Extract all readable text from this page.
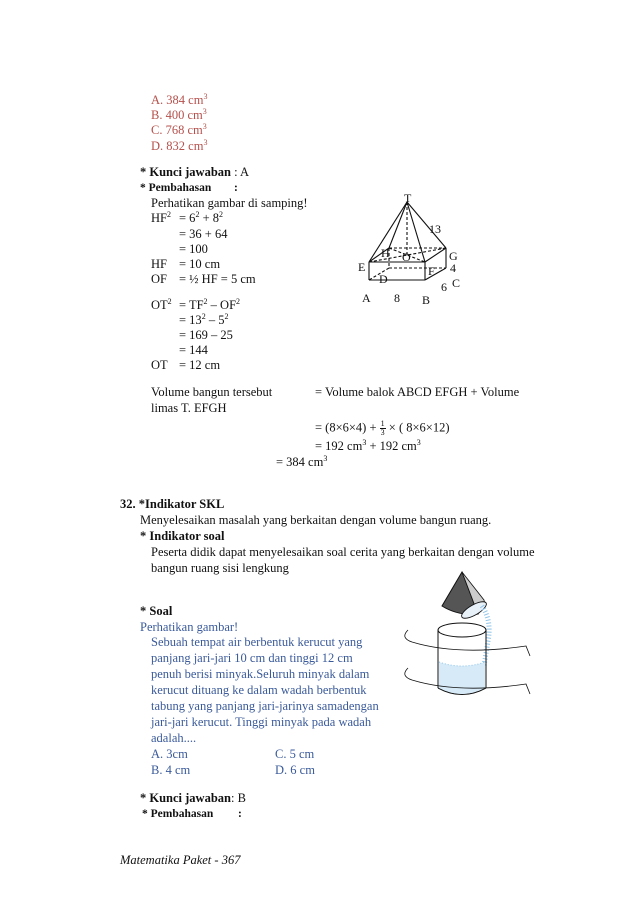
A. 384 $cm^3$
B. 400 $cm^3$
C. 768 $cm^3$
D. 832 $cm^3$
* Kunci jawaban : A
* Pembahasan :
Perhatikan gambar di samping!
$HF^2 = 6^2 + 8^2$
= 36 + 64
= 100
HF = 10 cm
OF = ½ HF = 5 cm
$OT^2 = TF^2 - OF^2$
= $13^2 - 5^2$
= 169 – 25
= 144
OT = 12 cm
Volume bangun tersebut	= Volume balok ABCD EFGH + Volume
limas T. EFGH
= $(8\times 6\times 4) + \frac{1}{3}$ × ( 8×6×12)
= 192 $cm^3 + 192$ $cm^3$
= 384 $cm^3$
T
13
H O	G
E	F 4
D
6 C
A 8 B
32. *Indikator SKL
Menyelesaikan masalah yang berkaitan dengan volume bangun ruang.
* Indikator soal
Peserta didik dapat menyelesaikan soal cerita yang berkaitan dengan volume
bangun ruang sisi lengkung
* Soal
Perhatikan gambar!
Sebuah tempat air berbentuk kerucut yang
panjang jari-jari 10 cm dan tinggi 12 cm
penuh berisi minyak.Seluruh minyak dalam
kerucut dituang ke dalam wadah berbentuk
tabung yang panjang jari-jarinya samadengan
jari-jari kerucut. Tinggi minyak pada wadah
adalah....
A. 3cm	C. 5 cm
B. 4 cm	D. 6 cm
* Kunci jawaban: B
* Pembahasan :
Matematika Paket - 367
